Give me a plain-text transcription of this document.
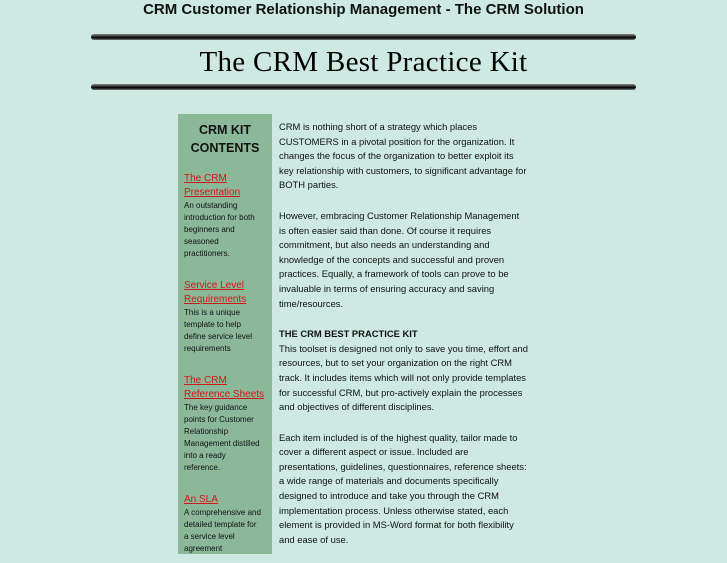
CRM Customer Relationship Management - The CRM Solution
The CRM Best Practice Kit
CRM KIT
CONTENTS
The CRM
Presentation
An outstanding
introduction for both
beginners and
seasoned
practitioners.
Service Level
Requirements
This is a unique
template to help
define service level
requirements
The CRM
Reference Sheets
The key guidance
points for Customer
Relationship
Management distilled
into a ready
reference.
An SLA
A comprehensive and
detailed template for
a service level
agreement

CRM is nothing short of a strategy which places
CUSTOMERS in a pivotal position for the organization. It
changes the focus of the organization to better exploit its
key relationship with customers, to significant advantage for
BOTH parties.

However, embracing Customer Relationship Management
is often easier said than done. Of course it requires
commitment, but also needs an understanding and
knowledge of the concepts and successful and proven
practices. Equally, a framework of tools can prove to be
invaluable in terms of ensuring accuracy and saving
time/resources.

THE CRM BEST PRACTICE KIT

This toolset is designed not only to save you time, effort and
resources, but to set your organization on the right CRM
track. It includes items which will not only provide templates
for successful CRM, but pro-actively explain the processes
and objectives of different disciplines.

Each item included is of the highest quality, tailor made to
cover a different aspect or issue. Included are
presentations, guidelines, questionnaires, reference sheets:
a wide range of materials and documents specifically
designed to introduce and take you through the CRM
implementation process. Unless otherwise stated, each
element is provided in MS-Word format for both flexibility
and ease of use.
